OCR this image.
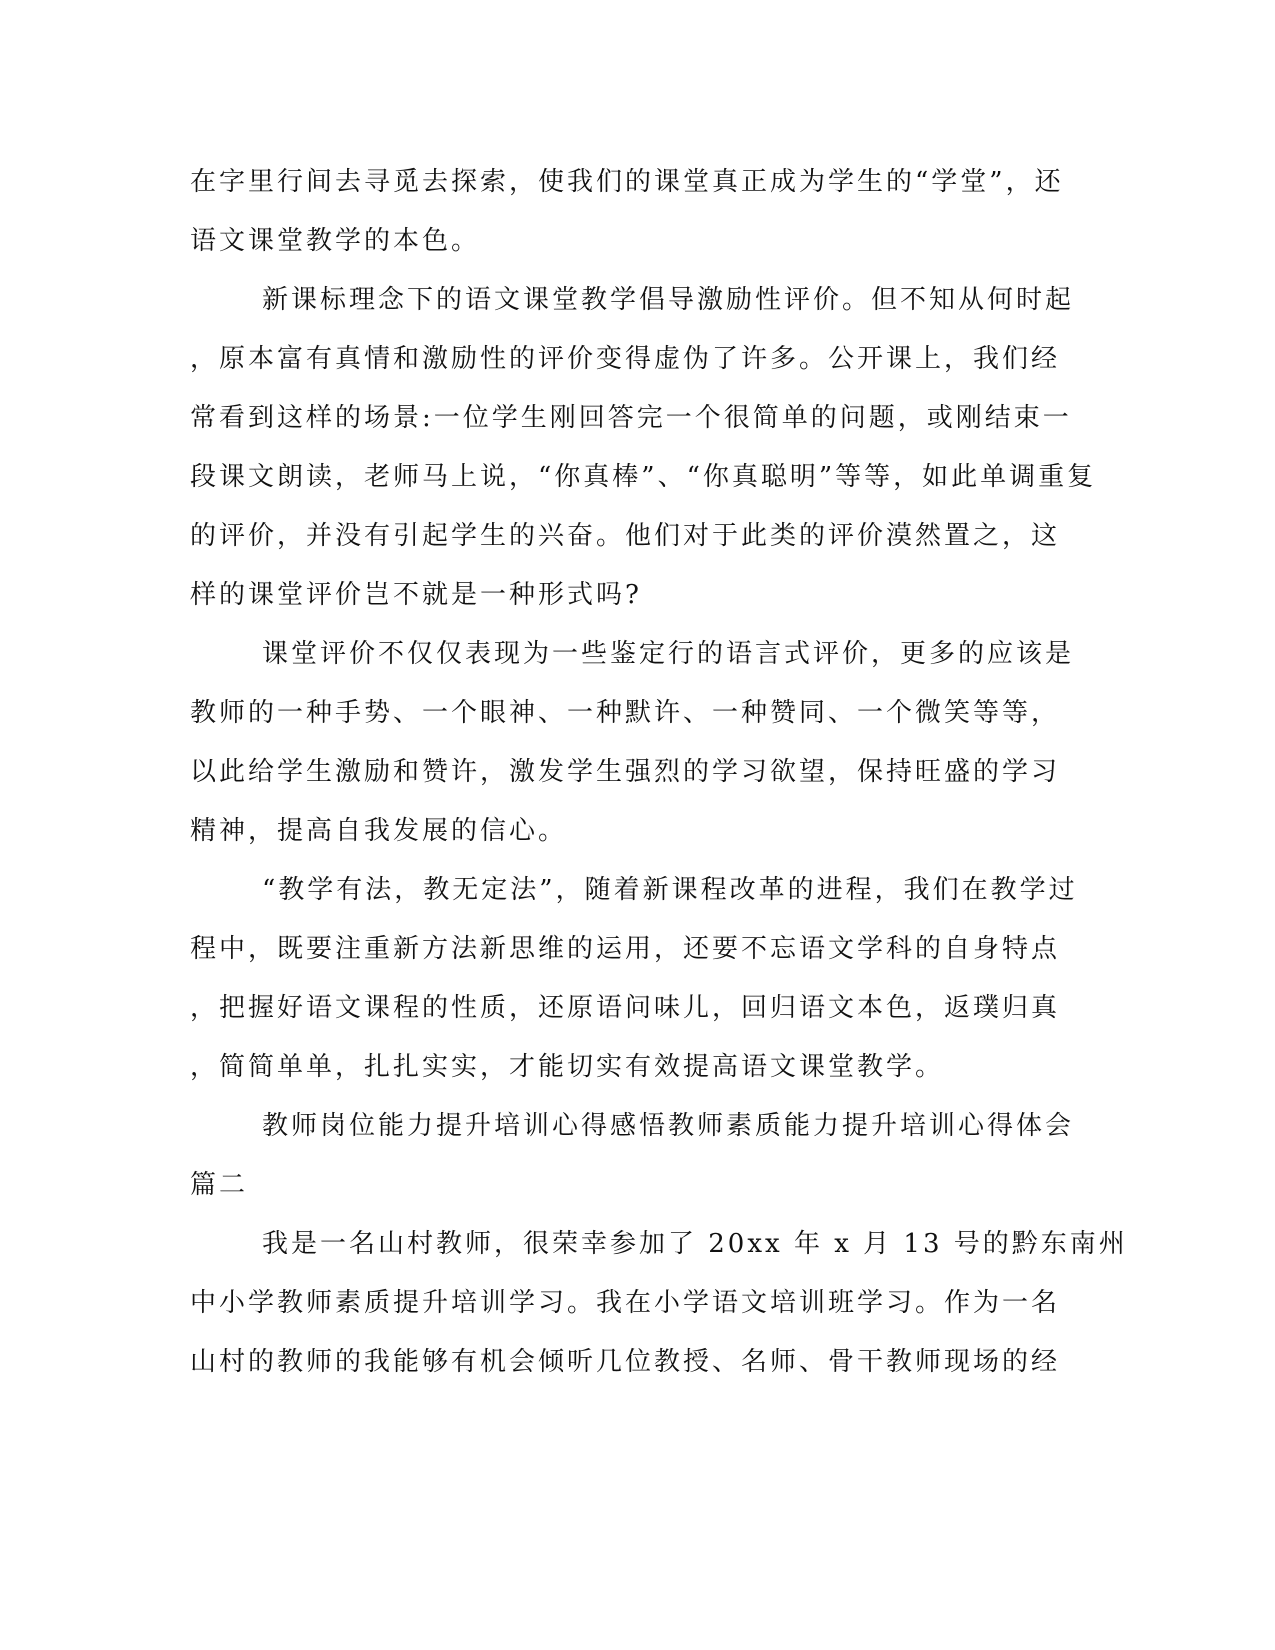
在字里行间去寻觅去探索，使我们的课堂真正成为学生的“学堂”，还
语文课堂教学的本色。
新课标理念下的语文课堂教学倡导激励性评价。但不知从何时起
，原本富有真情和激励性的评价变得虚伪了许多。公开课上，我们经
常看到这样的场景:一位学生刚回答完一个很简单的问题，或刚结束一
段课文朗读，老师马上说，“你真棒”、“你真聪明”等等，如此单调重复
的评价，并没有引起学生的兴奋。他们对于此类的评价漠然置之，这
样的课堂评价岂不就是一种形式吗?
课堂评价不仅仅表现为一些鉴定行的语言式评价，更多的应该是
教师的一种手势、一个眼神、一种默许、一种赞同、一个微笑等等，
以此给学生激励和赞许，激发学生强烈的学习欲望，保持旺盛的学习
精神，提高自我发展的信心。
“教学有法，教无定法”，随着新课程改革的进程，我们在教学过
程中，既要注重新方法新思维的运用，还要不忘语文学科的自身特点
，把握好语文课程的性质，还原语问味儿，回归语文本色，返璞归真
，简简单单，扎扎实实，才能切实有效提高语文课堂教学。
教师岗位能力提升培训心得感悟教师素质能力提升培训心得体会
篇二
我是一名山村教师，很荣幸参加了 20xx 年 x 月 13 号的黔东南州
中小学教师素质提升培训学习。我在小学语文培训班学习。作为一名
山村的教师的我能够有机会倾听几位教授、名师、骨干教师现场的经
